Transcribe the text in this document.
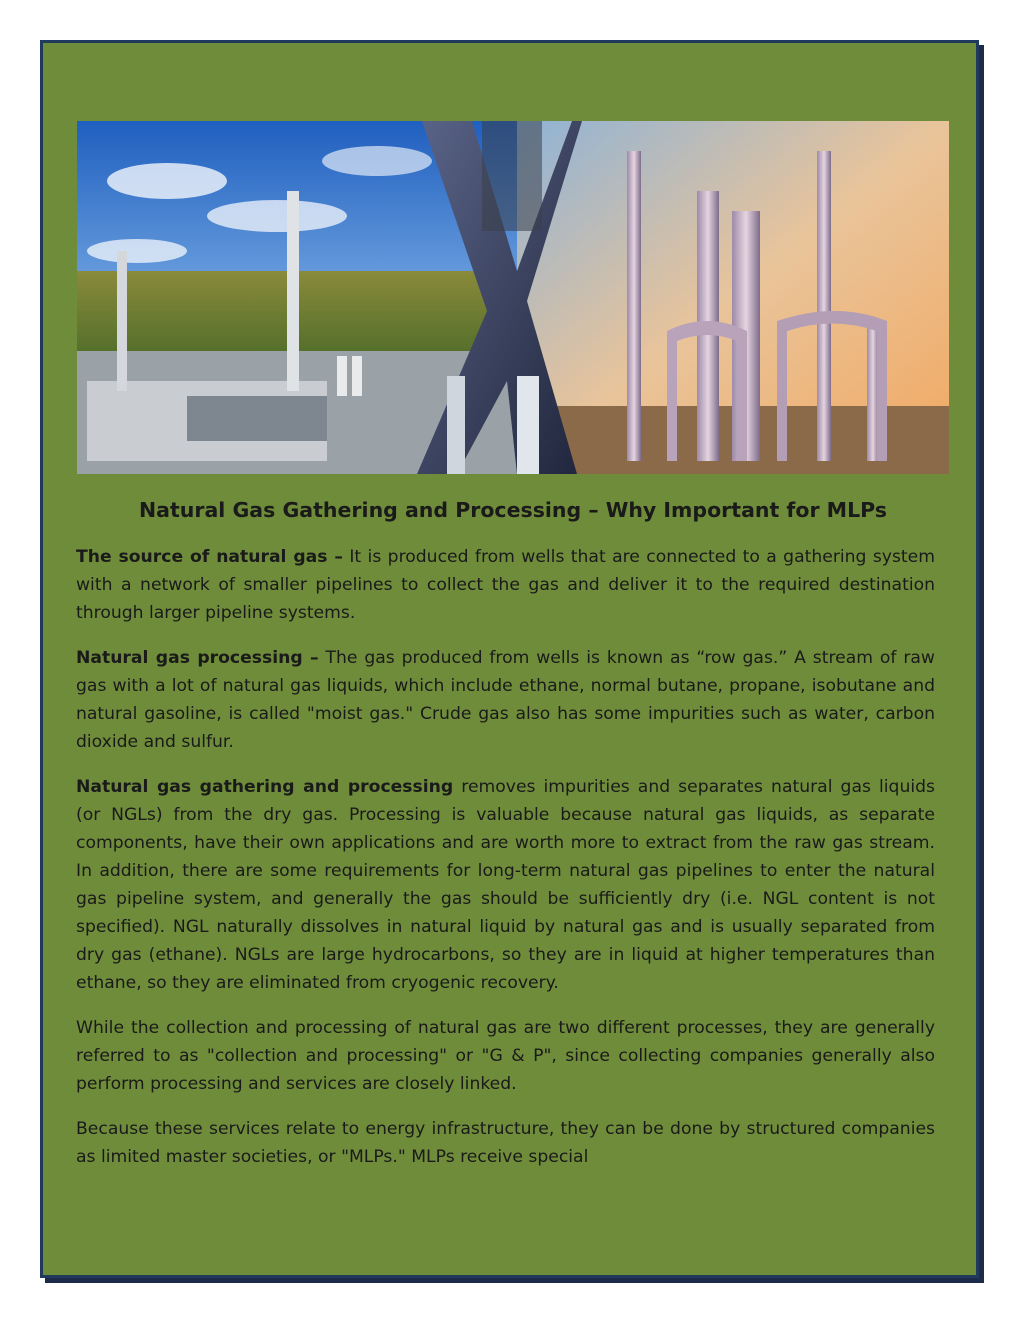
Natural Gas Gathering and Processing – Why Important for MLPs

The source of natural gas – It is produced from wells that are connected to a gathering system with a network of smaller pipelines to collect the gas and deliver it to the required destination through larger pipeline systems.

Natural gas processing – The gas produced from wells is known as “row gas.” A stream of raw gas with a lot of natural gas liquids, which include ethane, normal butane, propane, isobutane and natural gasoline, is called "moist gas." Crude gas also has some impurities such as water, carbon dioxide and sulfur.

Natural gas gathering and processing removes impurities and separates natural gas liquids (or NGLs) from the dry gas. Processing is valuable because natural gas liquids, as separate components, have their own applications and are worth more to extract from the raw gas stream. In addition, there are some requirements for long-term natural gas pipelines to enter the natural gas pipeline system, and generally the gas should be sufficiently dry (i.e. NGL content is not specified). NGL naturally dissolves in natural liquid by natural gas and is usually separated from dry gas (ethane). NGLs are large hydrocarbons, so they are in liquid at higher temperatures than ethane, so they are eliminated from cryogenic recovery.

While the collection and processing of natural gas are two different processes, they are generally referred to as "collection and processing" or "G & P", since collecting companies generally also perform processing and services are closely linked.

Because these services relate to energy infrastructure, they can be done by structured companies as limited master societies, or "MLPs." MLPs receive special
